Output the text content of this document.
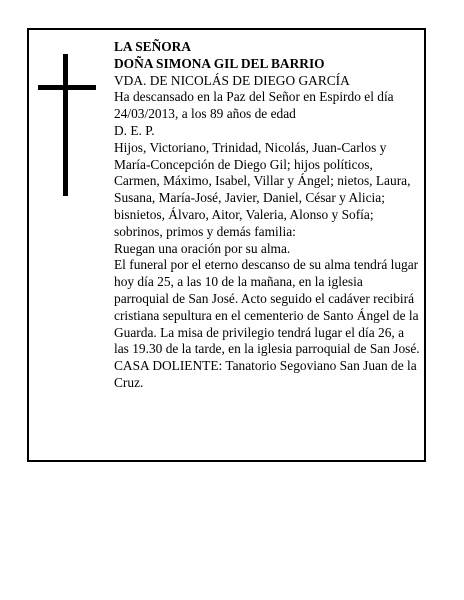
LA SEÑORA

DOÑA SIMONA GIL DEL BARRIO

VDA. DE NICOLÁS DE DIEGO GARCÍA

Ha descansado en la Paz del Señor en Espirdo el día 24/03/2013, a los 89 años de edad

D. E. P.

Hijos, Victoriano, Trinidad, Nicolás, Juan-Carlos y María-Concepción de Diego Gil; hijos políticos, Carmen, Máximo, Isabel, Villar y Ángel; nietos, Laura, Susana, María-José, Javier, Daniel, César y Alicia; bisnietos, Álvaro, Aitor, Valeria, Alonso y Sofía; sobrinos, primos y demás familia:

Ruegan una oración por su alma.

El funeral por el eterno descanso de su alma tendrá lugar hoy día 25, a las 10 de la mañana, en la iglesia parroquial de San José. Acto seguido el cadáver recibirá cristiana sepultura en el cementerio de Santo Ángel de la Guarda. La misa de privilegio tendrá lugar el día 26, a las 19.30 de la tarde, en la iglesia parroquial de San José.

CASA DOLIENTE: Tanatorio Segoviano San Juan de la Cruz.
